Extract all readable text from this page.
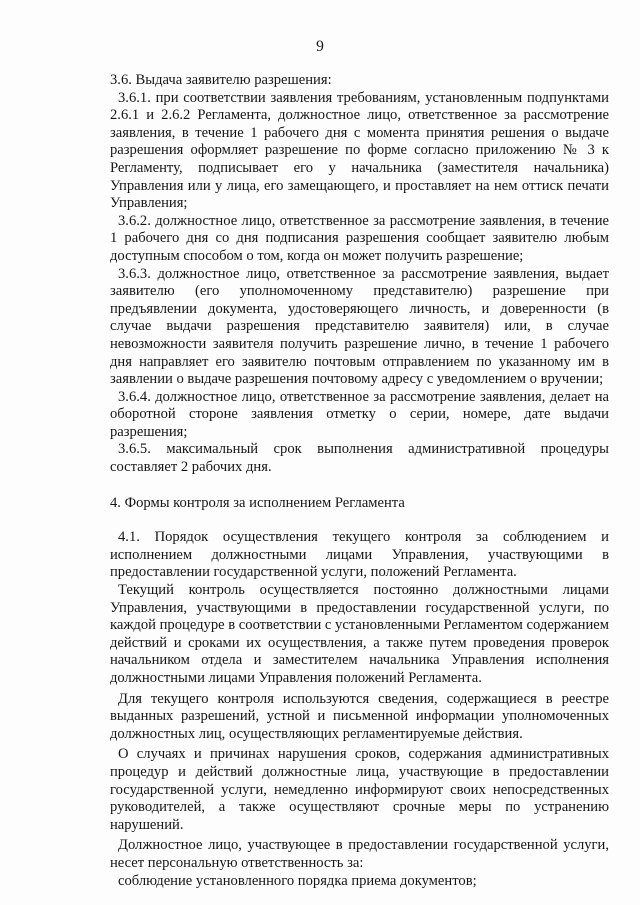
9

3.6. Выдача заявителю разрешения:

3.6.1. при соответствии заявления требованиям, установленным подпунктами 2.6.1 и 2.6.2 Регламента, должностное лицо, ответственное за рассмотрение заявления, в течение 1 рабочего дня с момента принятия решения о выдаче разрешения оформляет разрешение по форме согласно приложению № 3 к Регламенту, подписывает его у начальника (заместителя начальника) Управления или у лица, его замещающего, и проставляет на нем оттиск печати Управления;

3.6.2. должностное лицо, ответственное за рассмотрение заявления, в течение 1 рабочего дня со дня подписания разрешения сообщает заявителю любым доступным способом о том, когда он может получить разрешение;

3.6.3. должностное лицо, ответственное за рассмотрение заявления, выдает заявителю (его уполномоченному представителю) разрешение при предъявлении документа, удостоверяющего личность, и доверенности (в случае выдачи разрешения представителю заявителя) или, в случае невозможности заявителя получить разрешение лично, в течение 1 рабочего дня направляет его заявителю почтовым отправлением по указанному им в заявлении о выдаче разрешения почтовому адресу с уведомлением о вручении;

3.6.4. должностное лицо, ответственное за рассмотрение заявления, делает на оборотной стороне заявления отметку о серии, номере, дате выдачи разрешения;

3.6.5. максимальный срок выполнения административной процедуры составляет 2 рабочих дня.

4. Формы контроля за исполнением Регламента

4.1. Порядок осуществления текущего контроля за соблюдением и исполнением должностными лицами Управления, участвующими в предоставлении государственной услуги, положений Регламента.

Текущий контроль осуществляется постоянно должностными лицами Управления, участвующими в предоставлении государственной услуги, по каждой процедуре в соответствии с установленными Регламентом содержанием действий и сроками их осуществления, а также путем проведения проверок начальником отдела и заместителем начальника Управления исполнения должностными лицами Управления положений Регламента.

Для текущего контроля используются сведения, содержащиеся в реестре выданных разрешений, устной и письменной информации уполномоченных должностных лиц, осуществляющих регламентируемые действия.

О случаях и причинах нарушения сроков, содержания административных процедур и действий должностные лица, участвующие в предоставлении государственной услуги, немедленно информируют своих непосредственных руководителей, а также осуществляют срочные меры по устранению нарушений.

Должностное лицо, участвующее в предоставлении государственной услуги, несет персональную ответственность за:

соблюдение установленного порядка приема документов;
